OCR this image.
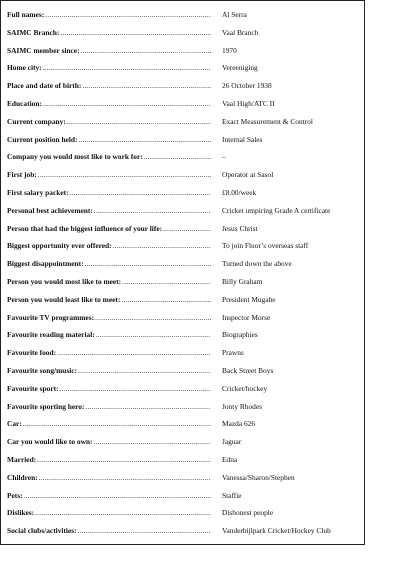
Full names: .....	Al Serra
SAIMC Branch: .....	Vaal Branch
SAIMC member since: .....	1970
Home city: .....	Vereeniging
Place and date of birth: .....	26 October 1938
Education: .....	Vaal High/ATC II
Current company: .....	Exact Measurement & Control
Current position held: .....	Internal Sales
Company you would most like to work for: .....	–
First job: .....	Operator at Sasol
First salary packet: .....	£8.00/week
Personal best achievement: .....	Cricket umpiring Grade A certificate
Person that had the biggest influence of your life: .....	Jesus Christ
Biggest opportunity ever offered: .....	To join Fluor’s overseas staff
Biggest disappointment: .....	Turned down the above
Person you would most like to meet: .....	Billy Graham
Person you would least like to meet: .....	President Mugabe
Favourite TV programmes: .....	Inspector Morse
Favourite reading material: .....	Biographies
Favourite food: .....	Prawns
Favourite song/music: .....	Back Street Boys
Favourite sport: .....	Cricket/hockey
Favourite sporting hero: .....	Jonty Rhodes
Car: .....	Mazda 626
Car you would like to own: .....	Jaguar
Married: .....	Edna
Children: .....	Vanessa/Sharon/Stephen
Pets: .....	Staffie
Dislikes: .....	Dishonest people
Social clubs/activities: .....	Vanderbijlpark Cricket/Hockey Club
